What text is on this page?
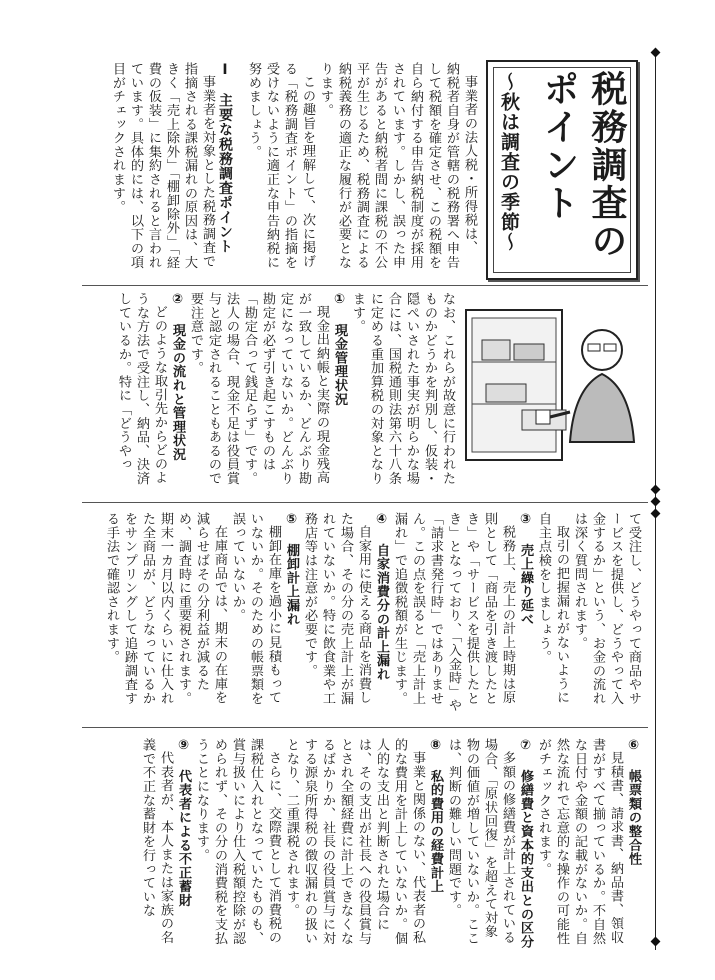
〜秋は調査の季節〜 税務調査の
ポイント

事業者の法人税・所得税は、

納税者自身が管轄の税務署へ申告して税額を確定させ、この税額を自ら納付する申告納税制度が採用されています。しかし、誤った申告があると納税者間に課税の不公平が生じるため、税務調査による納税義務の適正な履行が必要となります。

この趣旨を理解して、次に掲げる「税務調査ポイント」の指摘を受けないように適正な申告納税に努めましょう。

Ⅰ　主要な税務調査ポイント

事業者を対象とした税務調査で指摘される課税漏れの原因は、大きく「売上除外」「棚卸除外」「経費の仮装」に集約されると言われています。具体的には、以下の項目がチェックされます。

なお、これらが故意に行われたものかどうかを判別し、仮装・隠ぺいされた事実が明らかな場合には、国税通則法第六十八条に定める重加算税の対象となります。

① 現金管理状況

現金出納帳と実際の現金残高が一致しているか、どんぶり勘定になっていないか。どんぶり勘定が必ず引き起こすものは「勘定合って銭足らず」です。法人の場合、現金不足は役員賞与と認定されることもあるので要注意です。

② 現金の流れと管理状況

どのような取引先からどのような方法で受注し、納品、決済しているか。特に「どうやっ

て受注し、どうやって商品やサービスを提供し、どうやって入金するか」という、お金の流れは深く質問されます。

取引の把握漏れがないように自主点検をしましょう。

③ 売上繰り延べ

税務上、売上の計上時期は原則として「商品を引き渡したとき」や「サービスを提供したとき」となっており、「入金時」や「請求書発行時」ではありません。この点を誤ると「売上計上漏れ」で追徴税額が生じます。

④ 自家消費分の計上漏れ

自家用に使える商品を消費した場合、その分の売上計上が漏れていないか。特に飲食業や工務店等は注意が必要です。

⑤ 棚卸計上漏れ

棚卸在庫を過小に見積もっていないか。そのための帳票類を誤っていないか。

在庫商品では、期末の在庫を減らせばその分利益が減るため、調査時に重要視されます。期末一カ月以内くらいに仕入れた全商品が、どうなっているかをサンプリングして追跡調査する手法で確認されます。

⑥ 帳票類の整合性

見積書、請求書、納品書、領収書がすべて揃っているか。不自然な日付や金額の記載がないか。自然な流れで忘意的な操作の可能性がチェックされます。

⑦ 修繕費と資本的支出との区分

多額の修繕費が計上されている場合、「原状回復」を超えて対象物の価値が増していないか。ここは、判断の難しい問題です。

⑧ 私的費用の経費計上

事業と関係のない、代表者の私的な費用を計上していないか。個人的な支出と判断された場合には、その支出が社長への役員賞与とされ全額経費に計上できなくなるばかりか、社長の役員賞与に対する源泉所得税の徴収漏れの扱いとなり、二重課税されます。

さらに、交際費として消費税の課税仕入れとなっていたものも、賞与扱いにより仕入税額控除が認められず、その分の消費税を支払うことになります。

⑨ 代表者による不正蓄財

代表者が、本人または家族の名義で不正な蓄財を行っていな
